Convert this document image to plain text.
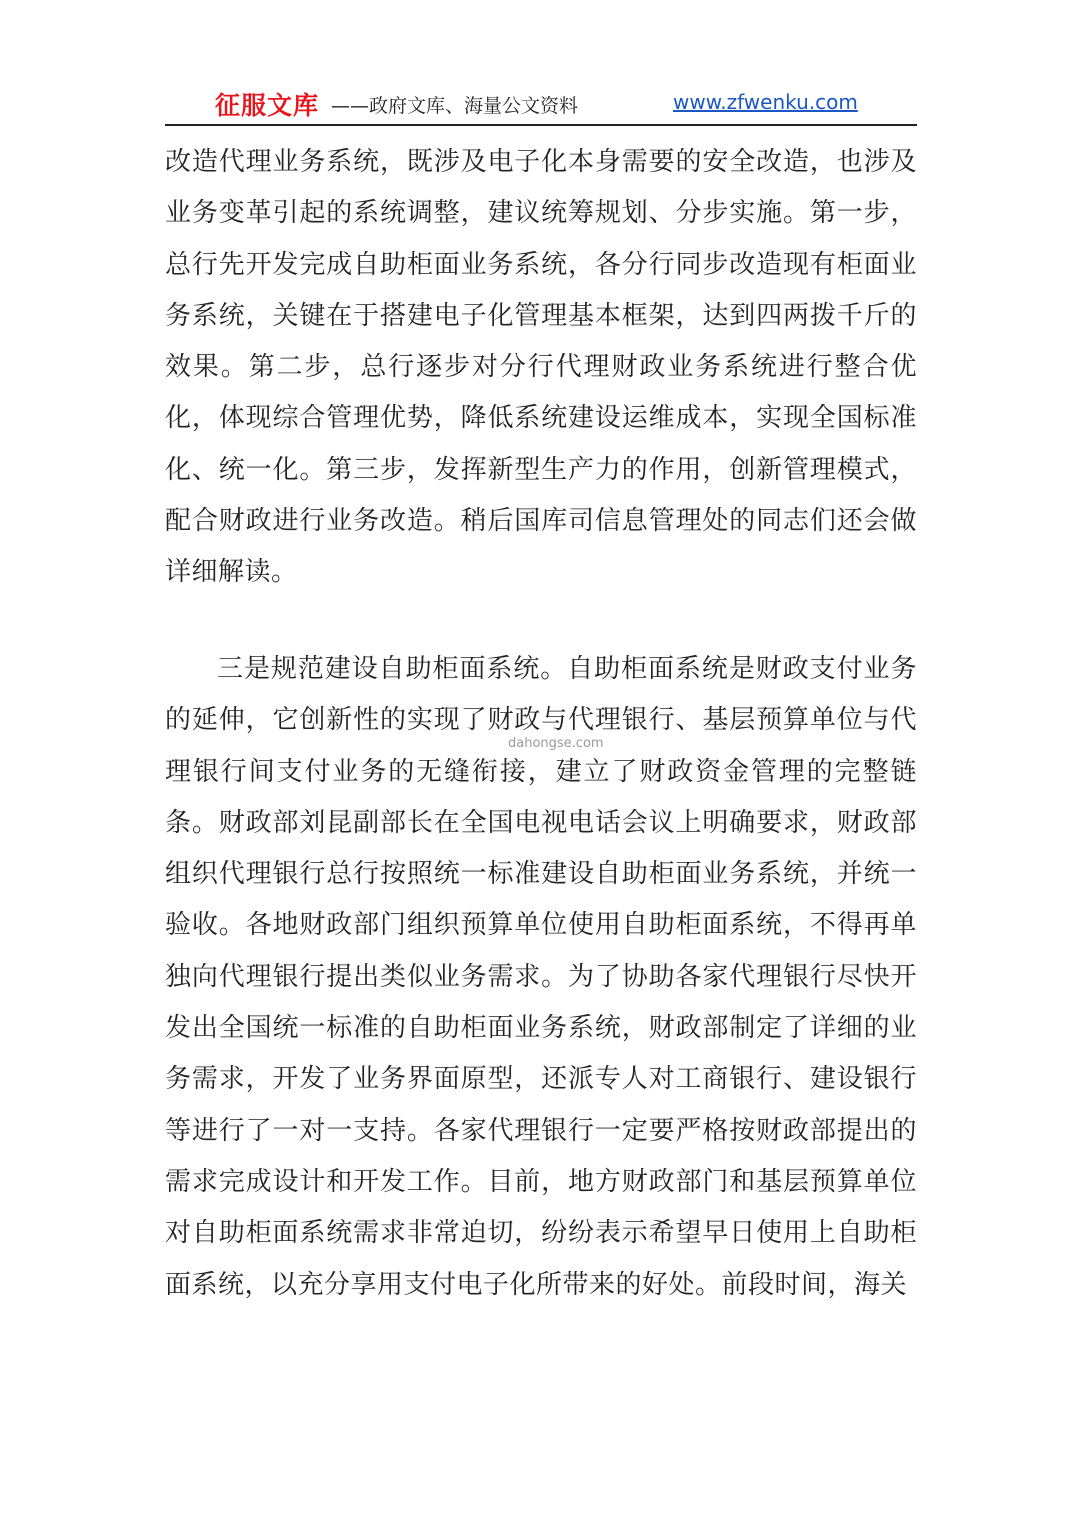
征服文库 ——政府文库、海量公文资料	www.zfwenku.com
改造代理业务系统，既涉及电子化本身需要的安全改造，也涉及业务变革引起的系统调整，建议统筹规划、分步实施。第一步，总行先开发完成自助柜面业务系统，各分行同步改造现有柜面业务系统，关键在于搭建电子化管理基本框架，达到四两拨千斤的效果。第二步，总行逐步对分行代理财政业务系统进行整合优化，体现综合管理优势，降低系统建设运维成本，实现全国标准化、统一化。第三步，发挥新型生产力的作用，创新管理模式，配合财政进行业务改造。稍后国库司信息管理处的同志们还会做详细解读。
三是规范建设自助柜面系统。自助柜面系统是财政支付业务的延伸，它创新性的实现了财政与代理银行、基层预算单位与代理银行间支付业务的无缝衔接，建立了财政资金管理的完整链条。财政部刘昆副部长在全国电视电话会议上明确要求，财政部组织代理银行总行按照统一标准建设自助柜面业务系统，并统一验收。各地财政部门组织预算单位使用自助柜面系统，不得再单独向代理银行提出类似业务需求。为了协助各家代理银行尽快开发出全国统一标准的自助柜面业务系统，财政部制定了详细的业务需求，开发了业务界面原型，还派专人对工商银行、建设银行等进行了一对一支持。各家代理银行一定要严格按财政部提出的需求完成设计和开发工作。目前，地方财政部门和基层预算单位对自助柜面系统需求非常迫切，纷纷表示希望早日使用上自助柜面系统，以充分享用支付电子化所带来的好处。前段时间，海关
dahongse.com
